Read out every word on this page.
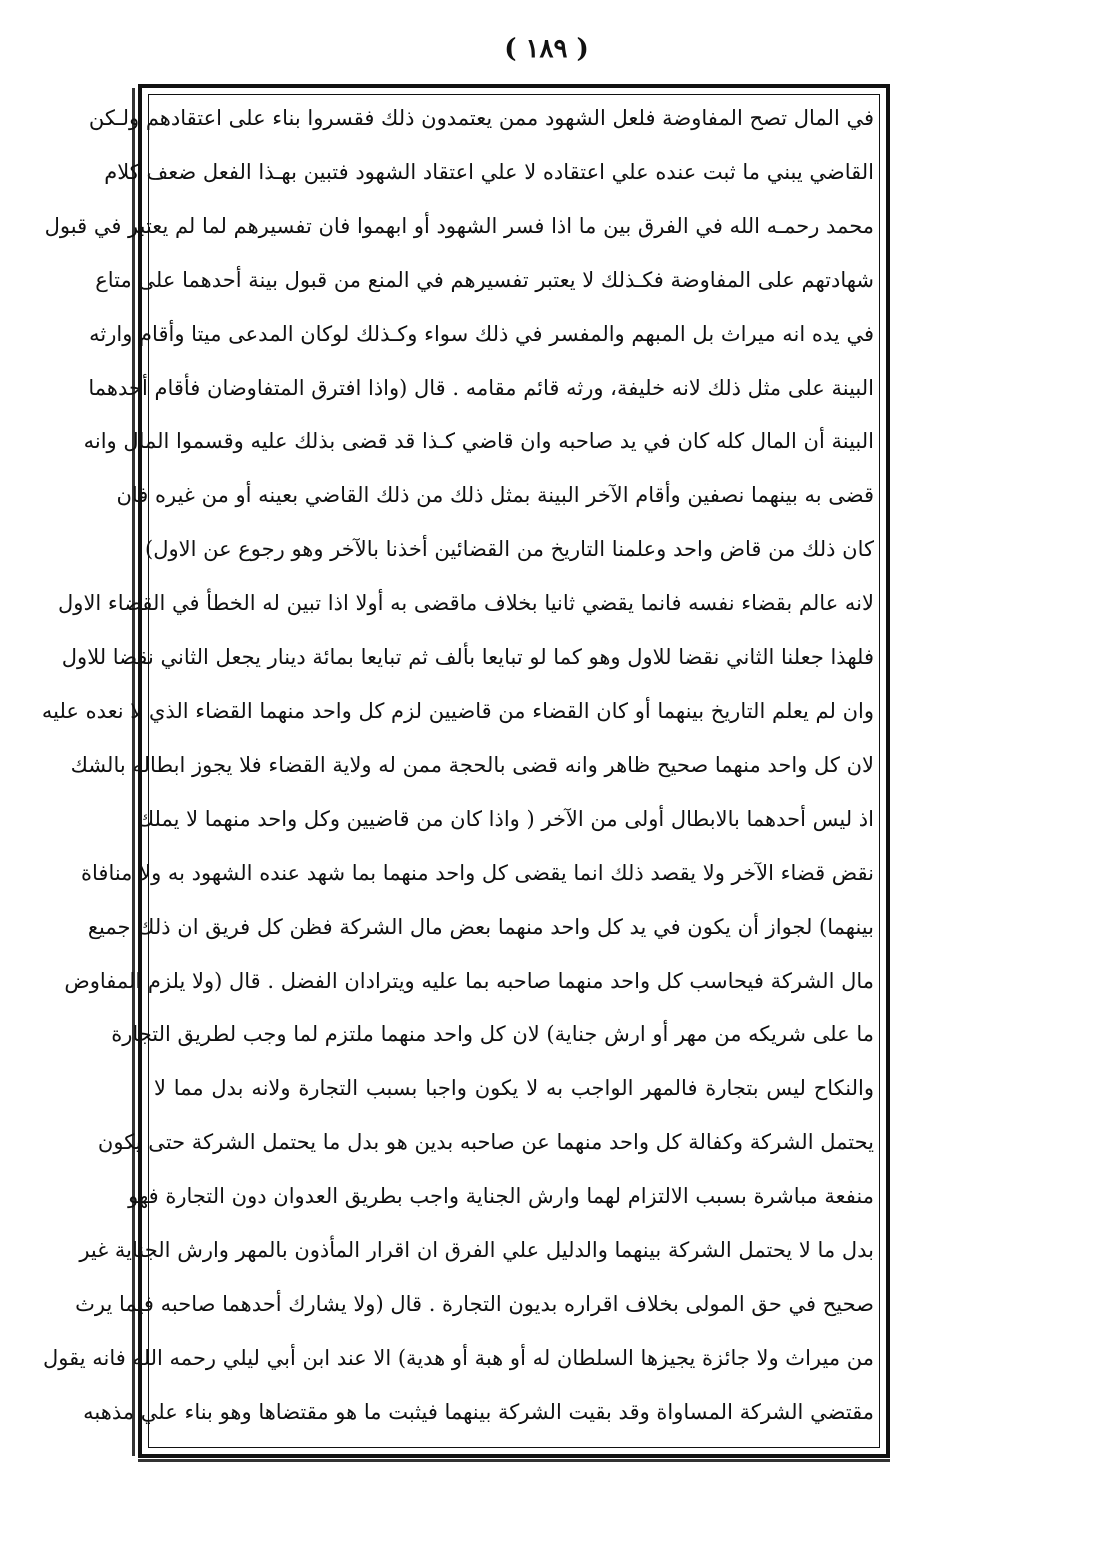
( ١٨٩ )
في المال تصح المفاوضة فلعل الشهود ممن يعتمدون ذلك فقسروا بناء على اعتقادهم ولـكن
القاضي يبني ما ثبت عنده علي اعتقاده لا علي اعتقاد الشهود فتبين بهـذا الفعل ضعف كلام
محمد رحمـه الله في الفرق بين ما اذا فسر الشهود أو ابهموا فان تفسيرهم لما لم يعتبر في قبول
شهادتهم على المفاوضة فكـذلك لا يعتبر تفسيرهم في المنع من قبول بينة أحدهما على متاع
في يده انه ميراث بل المبهم والمفسر في ذلك سواء وكـذلك لوكان المدعى ميتا وأقام وارثه
البينة على مثل ذلك لانه خليفة، ورثه قائم مقامه . قال (واذا افترق المتفاوضان فأقام أحدهما
البينة أن المال كله كان في يد صاحبه وان قاضي كـذا قد قضى بذلك عليه وقسموا المال وانه
قضى به بينهما نصفين وأقام الآخر البينة بمثل ذلك من ذلك القاضي بعينه أو من غيره فان
كان ذلك من قاض واحد وعلمنا التاريخ من القضائين أخذنا بالآخر وهو رجوع عن الاول)
لانه عالم بقضاء نفسه فانما يقضي ثانيا بخلاف ماقضى به أولا اذا تبين له الخطأ في القضاء الاول
فلهذا جعلنا الثاني نقضا للاول وهو كما لو تبايعا بألف ثم تبايعا بمائة دينار يجعل الثاني نقضا للاول
وان لم يعلم التاريخ بينهما أو كان القضاء من قاضيين لزم كل واحد منهما القضاء الذي لا نعده عليه
لان كل واحد منهما صحيح ظاهر وانه قضى بالحجة ممن له ولاية القضاء فلا يجوز ابطاله بالشك
اذ ليس أحدهما بالابطال أولى من الآخر ( واذا كان من قاضيين وكل واحد منهما لا يملك
نقض قضاء الآخر ولا يقصد ذلك انما يقضى كل واحد منهما بما شهد عنده الشهود به ولا منافاة
بينهما) لجواز أن يكون في يد كل واحد منهما بعض مال الشركة فظن كل فريق ان ذلك جميع
مال الشركة فيحاسب كل واحد منهما صاحبه بما عليه ويترادان الفضل . قال (ولا يلزم المفاوض
ما على شريكه من مهر أو ارش جناية) لان كل واحد منهما ملتزم لما وجب لطريق التجارة
والنكاح ليس بتجارة فالمهر الواجب به لا يكون واجبا بسبب التجارة ولانه بدل مما لا
يحتمل الشركة وكفالة كل واحد منهما عن صاحبه بدين هو بدل ما يحتمل الشركة حتى يكون
منفعة مباشرة بسبب الالتزام لهما وارش الجناية واجب بطريق العدوان دون التجارة فهو
بدل ما لا يحتمل الشركة بينهما والدليل علي الفرق ان اقرار المأذون بالمهر وارش الجناية غير
صحيح في حق المولى بخلاف اقراره بديون التجارة . قال (ولا يشارك أحدهما صاحبه فيما يرث
من ميراث ولا جائزة يجيزها السلطان له أو هبة أو هدية) الا عند ابن أبي ليلي رحمه الله فانه يقول
مقتضي الشركة المساواة وقد بقيت الشركة بينهما فيثبت ما هو مقتضاها وهو بناء علي مذهبه
